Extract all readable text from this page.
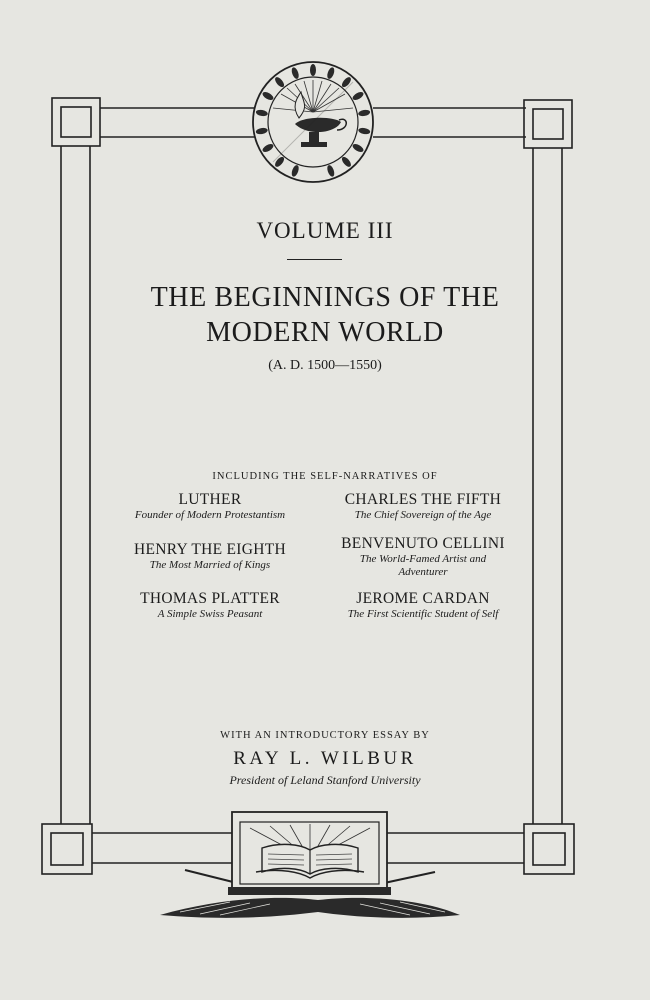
VOLUME III
THE BEGINNINGS OF THE
MODERN WORLD
(A. D. 1500—1550)
INCLUDING THE SELF-NARRATIVES OF
LUTHER
Founder of Modern Protestantism
HENRY THE EIGHTH
The Most Married of Kings
THOMAS PLATTER
A Simple Swiss Peasant
CHARLES THE FIFTH
The Chief Sovereign of the Age
BENVENUTO CELLINI
The World-Famed Artist and
Adventurer
JEROME CARDAN
The First Scientific Student of Self
WITH AN INTRODUCTORY ESSAY BY
RAY L. WILBUR
President of Leland Stanford University
